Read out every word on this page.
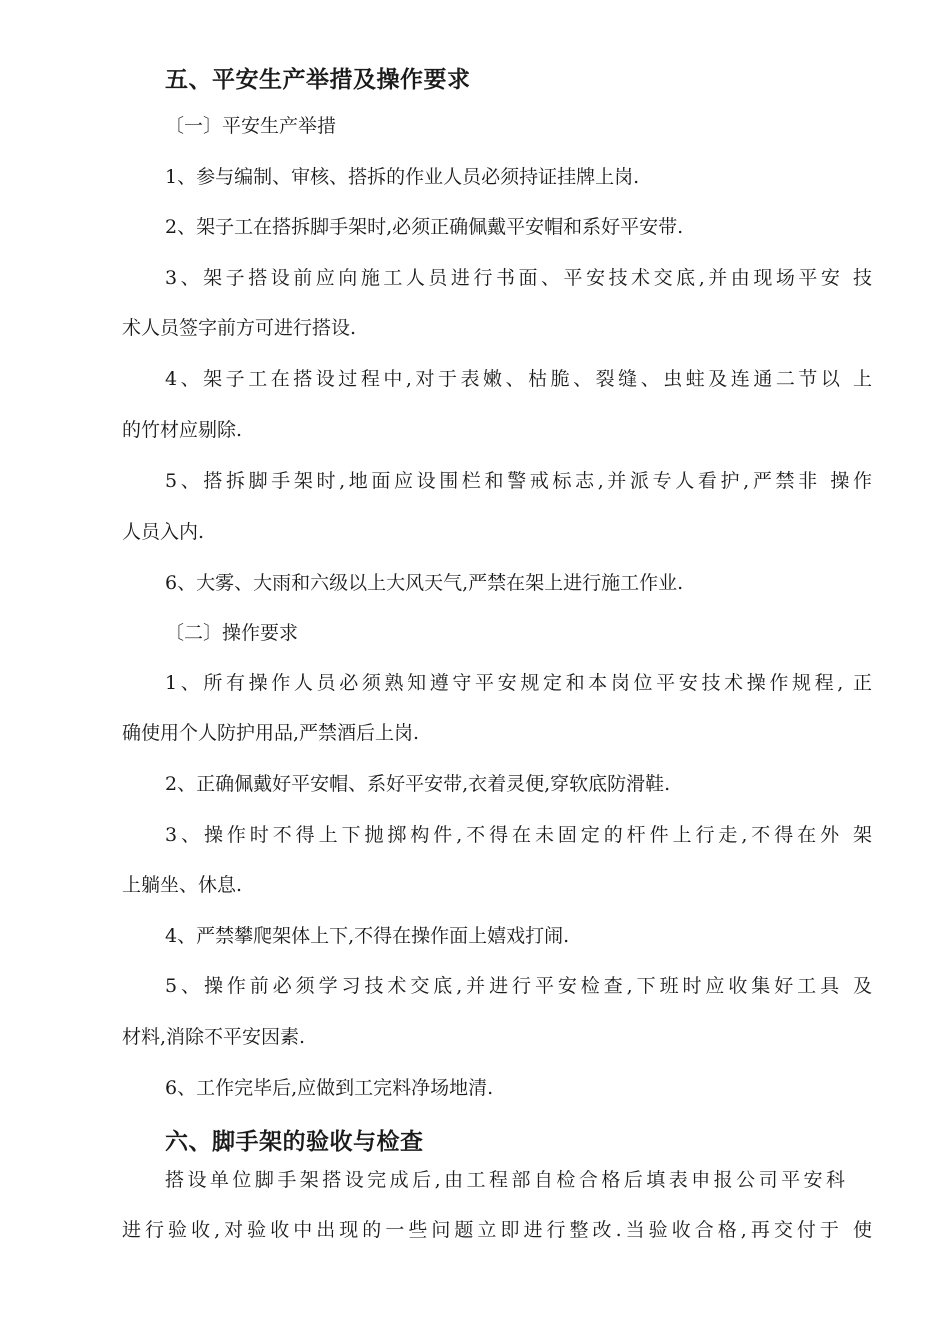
五、平安生产举措及操作要求
〔一〕平安生产举措
1、参与编制、审核、搭拆的作业人员必须持证挂牌上岗.
2、架子工在搭拆脚手架时,必须正确佩戴平安帽和系好平安带.
3、架子搭设前应向施工人员进行书面、平安技术交底,并由现场平安 技
术人员签字前方可进行搭设.
4、架子工在搭设过程中,对于表嫩、枯脆、裂缝、虫蛀及连通二节以 上
的竹材应剔除.
5、搭拆脚手架时,地面应设围栏和警戒标志,并派专人看护,严禁非 操作
人员入内.
6、大雾、大雨和六级以上大风天气,严禁在架上进行施工作业.
〔二〕操作要求
1、所有操作人员必须熟知遵守平安规定和本岗位平安技术操作规程, 正
确使用个人防护用品,严禁酒后上岗.
2、正确佩戴好平安帽、系好平安带,衣着灵便,穿软底防滑鞋.
3、操作时不得上下抛掷构件,不得在未固定的杆件上行走,不得在外 架
上躺坐、休息.
4、严禁攀爬架体上下,不得在操作面上嬉戏打闹.
5、操作前必须学习技术交底,并进行平安检查,下班时应收集好工具 及
材料,消除不平安因素.
6、工作完毕后,应做到工完料净场地清.
六、脚手架的验收与检查
搭设单位脚手架搭设完成后,由工程部自检合格后填表申报公司平安科
进行验收,对验收中出现的一些问题立即进行整改.当验收合格,再交付于 使
